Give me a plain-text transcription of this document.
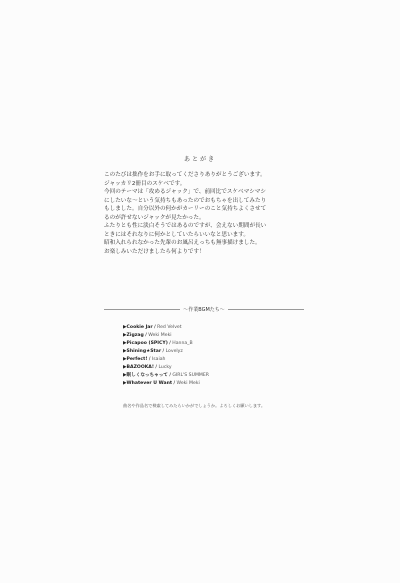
あとがき
このたびは拙作をお手に取ってくださりありがとうございます。
ジャッカリ2冊目のスケベです。
今回のテーマは「攻めるジャック」で、前回比でスケベマシマシ
にしたいな〜という気持ちもあったのでおもちゃを出してみたり
もしました。自分以外の何かがカーリーのこと気持ちよくさせて
るのが許せないジャックが見たかった。
ふたりとも性に淡白そうではあるのですが、会えない期間が長い
ときにはそれなりに何かとしていたらいいなと思います。
昭和入れられなかった先輩のお風呂えっちも無事描けました。
お楽しみいただけましたら何よりです！
〜作業BGMたち〜
▶Cookie Jar / Red Velvet
▶Zigzag / Weki Meki
▶Picapoo (SPICY) / Hanna_B
▶Shining★Star / Lovelyz
▶Perfect! / Isaiah
▶BAZOOKA! / Lucky
▶眠しくなっちゃって / GIRL'S SUMMER
▶Whatever U Want / Weki Meki
曲名や作品名で検索してみたらいかがでしょうか。よろしくお願いします。
